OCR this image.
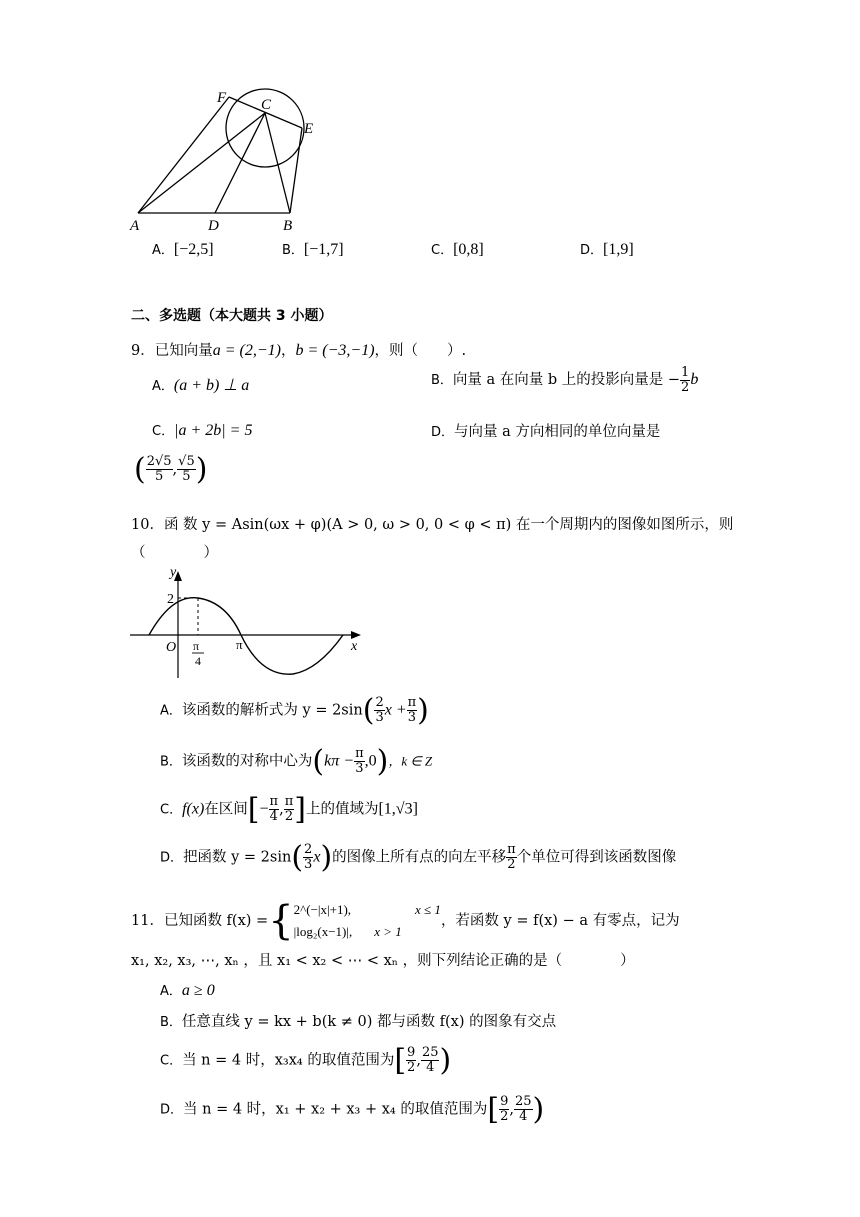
F C
E
A	D	B
A．[−2,5]	B．[−1,7]	C．[0,8]	D．[1,9]
二、多选题（本大题共 3 小题）
9．已知向量a = (2,−1)，b = (−3,−1)，则（　　）.
A．(a + b) ⊥ a	B．向量 a 在向量 b 上的投影向量是 − $\frac{1}{2}$ b
C．|a + 2b| = 5	D．与向量 a 方向相同的单位向量是
( $\frac{2√5}{5}$ , $\frac{√5}{5}$ )
10．函 数 y = Asin(ωx + φ)(A > 0, ω > 0, 0 < φ < π) 在一个周期内的图像如图所示，则
（　　　　）
y
x
O
2
π
π
4
A．该函数的解析式为 $y = 2\sin( \frac{2}{3}$ $x + \frac{\pi}{3}$ )
B．该函数的对称中心为$(k\pi - \frac{\pi}{3} ,0)$，k ∈ Z
C．f(x)在区间[− $\frac{\pi}{4}$ , $\frac{\pi}{2}$ ]上的值域为[1,√3]
D．把函数 $y = 2\sin( \frac{2}{3} x)$的图像上所有点的向左平移 $\frac{\pi}{2}$ 个单位可得到该函数图像
11．已知函数 f(x) ={ 2^(−|x|+1),	x ≤ 1
|log₂(x−1)|, x > 1
，若函数 y = f(x) − a 有零点，记为
x₁, x₂, x₃, ⋯, xₙ ，且 x₁ < x₂ < ⋯ < xₙ ，则下列结论正确的是（　　　　）
A．a ≥ 0
B．任意直线 y = kx + b(k ≠ 0) 都与函数 f(x) 的图象有交点
C．当 n = 4 时，x₃x₄ 的取值范围为[ $\frac{9}{2}$ , $\frac{25}{4}$ )
D．当 n = 4 时，x₁ + x₂ + x₃ + x₄ 的取值范围为[ $\frac{9}{2}$ , $\frac{25}{4}$ )
